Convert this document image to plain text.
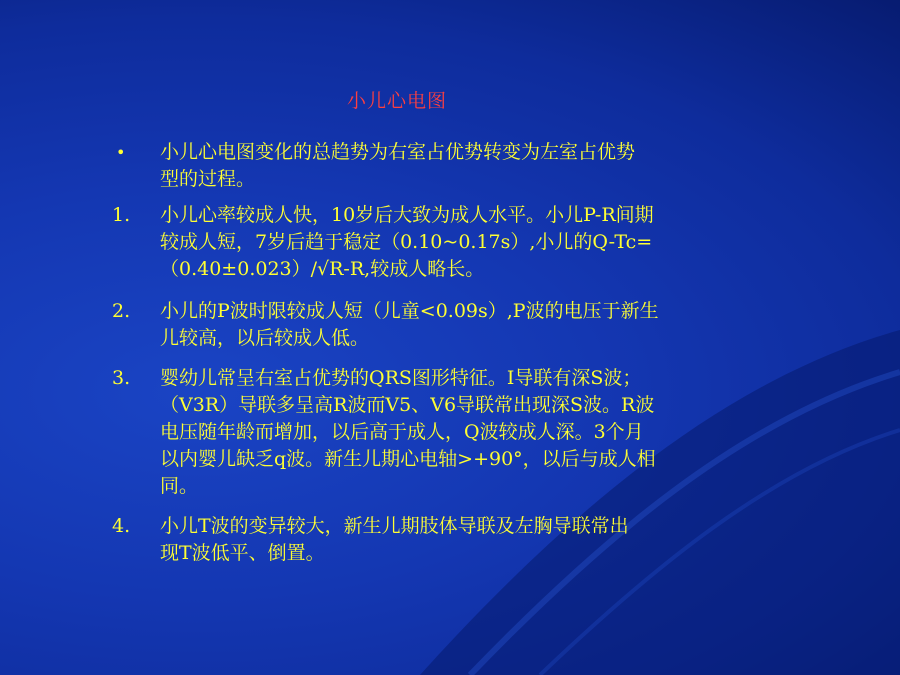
小儿心电图
• 小儿心电图变化的总趋势为右室占优势转变为左室占优势
型的过程。
1. 小儿心率较成人快，10岁后大致为成人水平。小儿P-R间期
较成人短，7岁后趋于稳定（0.10~0.17s）,小儿的Q-Tc=
（0.40±0.023）/√R-R,较成人略长。
2. 小儿的P波时限较成人短（儿童<0.09s）,P波的电压于新生
儿较高，以后较成人低。
3. 婴幼儿常呈右室占优势的QRS图形特征。I导联有深S波；
（V3R）导联多呈高R波而V5、V6导联常出现深S波。R波
电压随年龄而增加，以后高于成人，Q波较成人深。3个月
以内婴儿缺乏q波。新生儿期心电轴>+90°，以后与成人相
同。
4. 小儿T波的变异较大，新生儿期肢体导联及左胸导联常出
现T波低平、倒置。
